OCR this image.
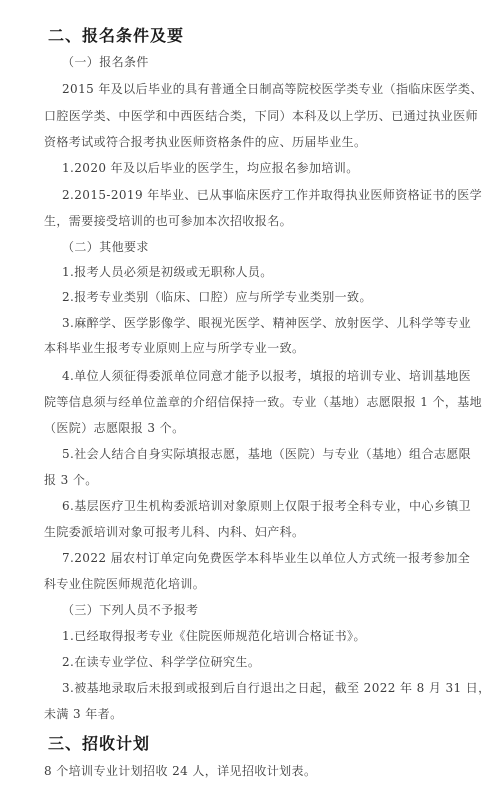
二、报名条件及要
（一）报名条件
2015 年及以后毕业的具有普通全日制高等院校医学类专业（指临床医学类、
口腔医学类、中医学和中西医结合类，下同）本科及以上学历、已通过执业医师
资格考试或符合报考执业医师资格条件的应、历届毕业生。
1.2020 年及以后毕业的医学生，均应报名参加培训。
2.2015-2019 年毕业、已从事临床医疗工作并取得执业医师资格证书的医学
生，需要接受培训的也可参加本次招收报名。
（二）其他要求
1.报考人员必须是初级或无职称人员。
2.报考专业类别（临床、口腔）应与所学专业类别一致。
3.麻醉学、医学影像学、眼视光医学、精神医学、放射医学、儿科学等专业
本科毕业生报考专业原则上应与所学专业一致。
4.单位人须征得委派单位同意才能予以报考，填报的培训专业、培训基地医
院等信息须与经单位盖章的介绍信保持一致。专业（基地）志愿限报 1 个，基地
（医院）志愿限报 3 个。
5.社会人结合自身实际填报志愿，基地（医院）与专业（基地）组合志愿限
报 3 个。
6.基层医疗卫生机构委派培训对象原则上仅限于报考全科专业，中心乡镇卫
生院委派培训对象可报考儿科、内科、妇产科。
7.2022 届农村订单定向免费医学本科毕业生以单位人方式统一报考参加全
科专业住院医师规范化培训。
（三）下列人员不予报考
1.已经取得报考专业《住院医师规范化培训合格证书》。
2.在读专业学位、科学学位研究生。
3.被基地录取后未报到或报到后自行退出之日起，截至 2022 年 8 月 31 日，
未满 3 年者。
三、招收计划
8 个培训专业计划招收 24 人，详见招收计划表。
